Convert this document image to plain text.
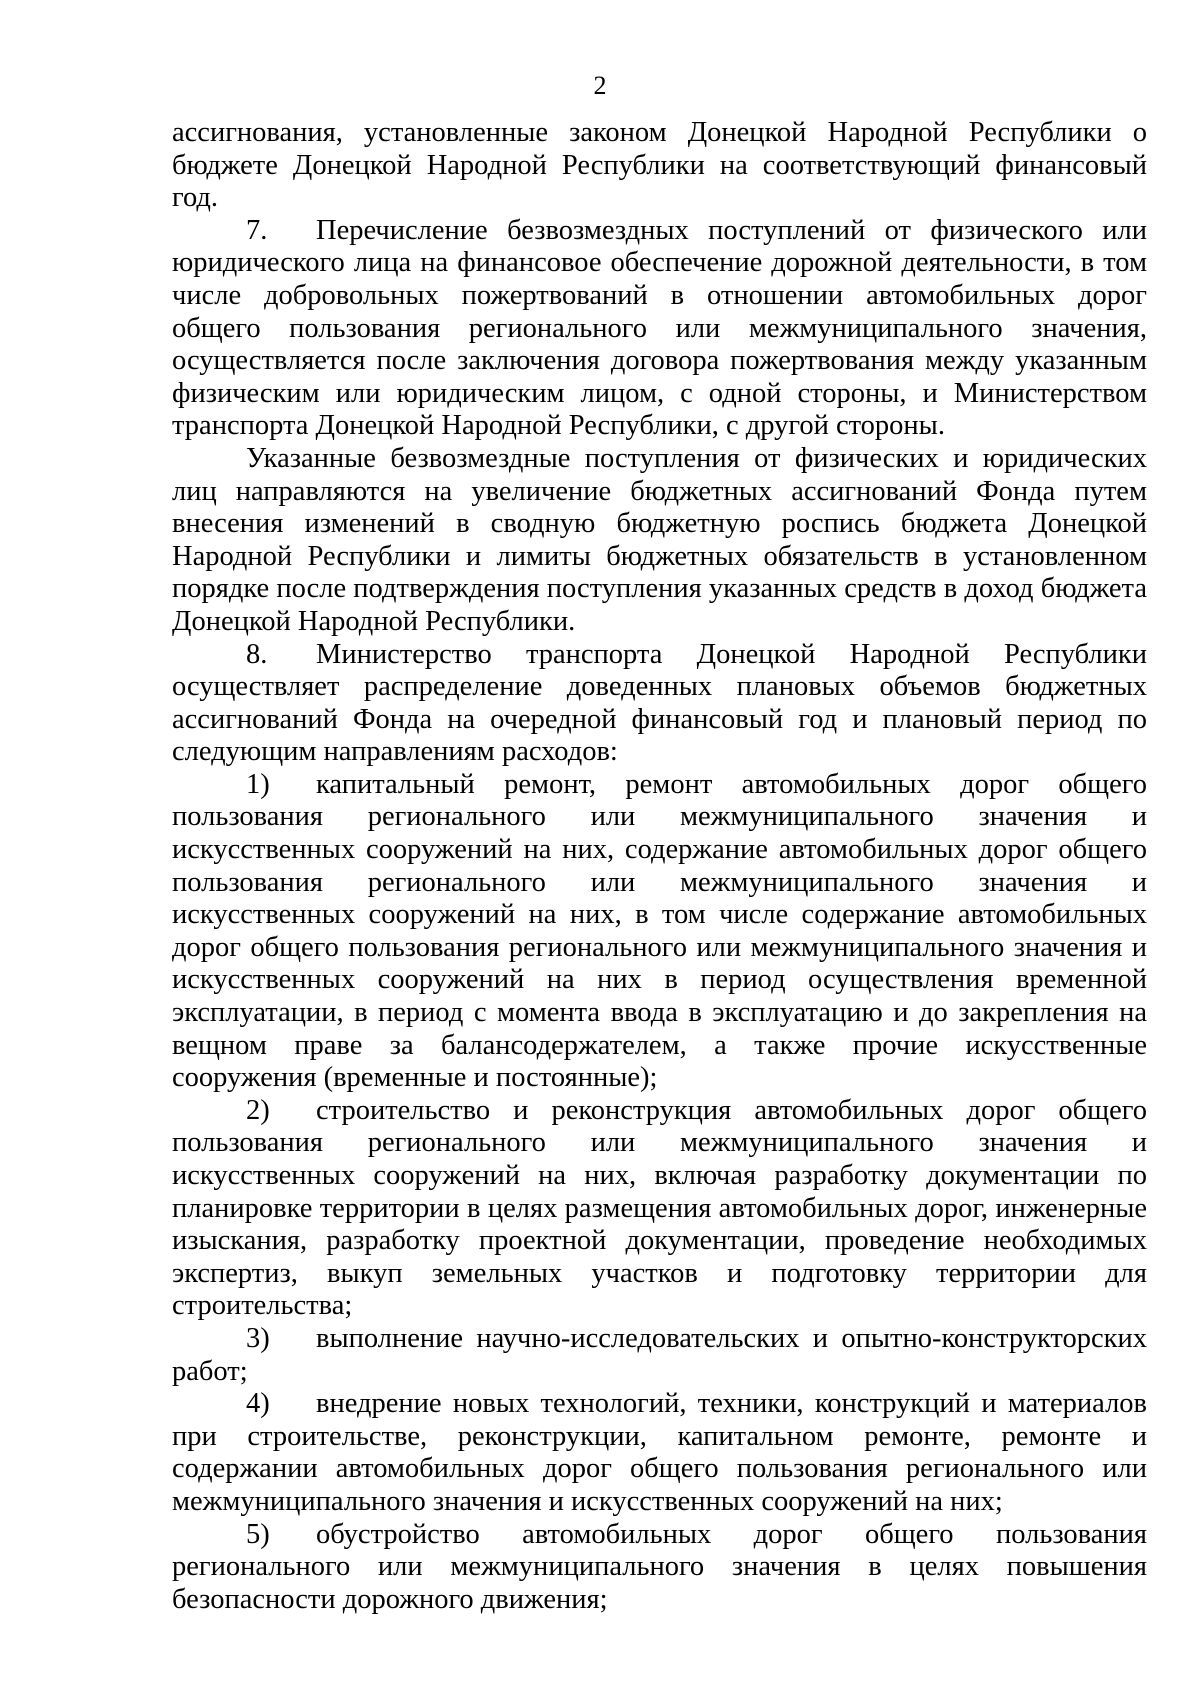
2

ассигнования, установленные законом Донецкой Народной Республики о бюджете Донецкой Народной Республики на соответствующий финансовый год.

7. Перечисление безвозмездных поступлений от физического или юридического лица на финансовое обеспечение дорожной деятельности, в том числе добровольных пожертвований в отношении автомобильных дорог общего пользования регионального или межмуниципального значения, осуществляется после заключения договора пожертвования между указанным физическим или юридическим лицом, с одной стороны, и Министерством транспорта Донецкой Народной Республики, с другой стороны.

Указанные безвозмездные поступления от физических и юридических лиц направляются на увеличение бюджетных ассигнований Фонда путем внесения изменений в сводную бюджетную роспись бюджета Донецкой Народной Республики и лимиты бюджетных обязательств в установленном порядке после подтверждения поступления указанных средств в доход бюджета Донецкой Народной Республики.

8. Министерство транспорта Донецкой Народной Республики осуществляет распределение доведенных плановых объемов бюджетных ассигнований Фонда на очередной финансовый год и плановый период по следующим направлениям расходов:

1) капитальный ремонт, ремонт автомобильных дорог общего пользования регионального или межмуниципального значения и искусственных сооружений на них, содержание автомобильных дорог общего пользования регионального или межмуниципального значения и искусственных сооружений на них, в том числе содержание автомобильных дорог общего пользования регионального или межмуниципального значения и искусственных сооружений на них в период осуществления временной эксплуатации, в период с момента ввода в эксплуатацию и до закрепления на вещном праве за балансодержателем, а также прочие искусственные сооружения (временные и постоянные);

2) строительство и реконструкция автомобильных дорог общего пользования регионального или межмуниципального значения и искусственных сооружений на них, включая разработку документации по планировке территории в целях размещения автомобильных дорог, инженерные изыскания, разработку проектной документации, проведение необходимых экспертиз, выкуп земельных участков и подготовку территории для строительства;

3) выполнение научно-исследовательских и опытно-конструкторских работ;

4) внедрение новых технологий, техники, конструкций и материалов при строительстве, реконструкции, капитальном ремонте, ремонте и содержании автомобильных дорог общего пользования регионального или межмуниципального значения и искусственных сооружений на них;

5) обустройство автомобильных дорог общего пользования регионального или межмуниципального значения в целях повышения безопасности дорожного движения;
